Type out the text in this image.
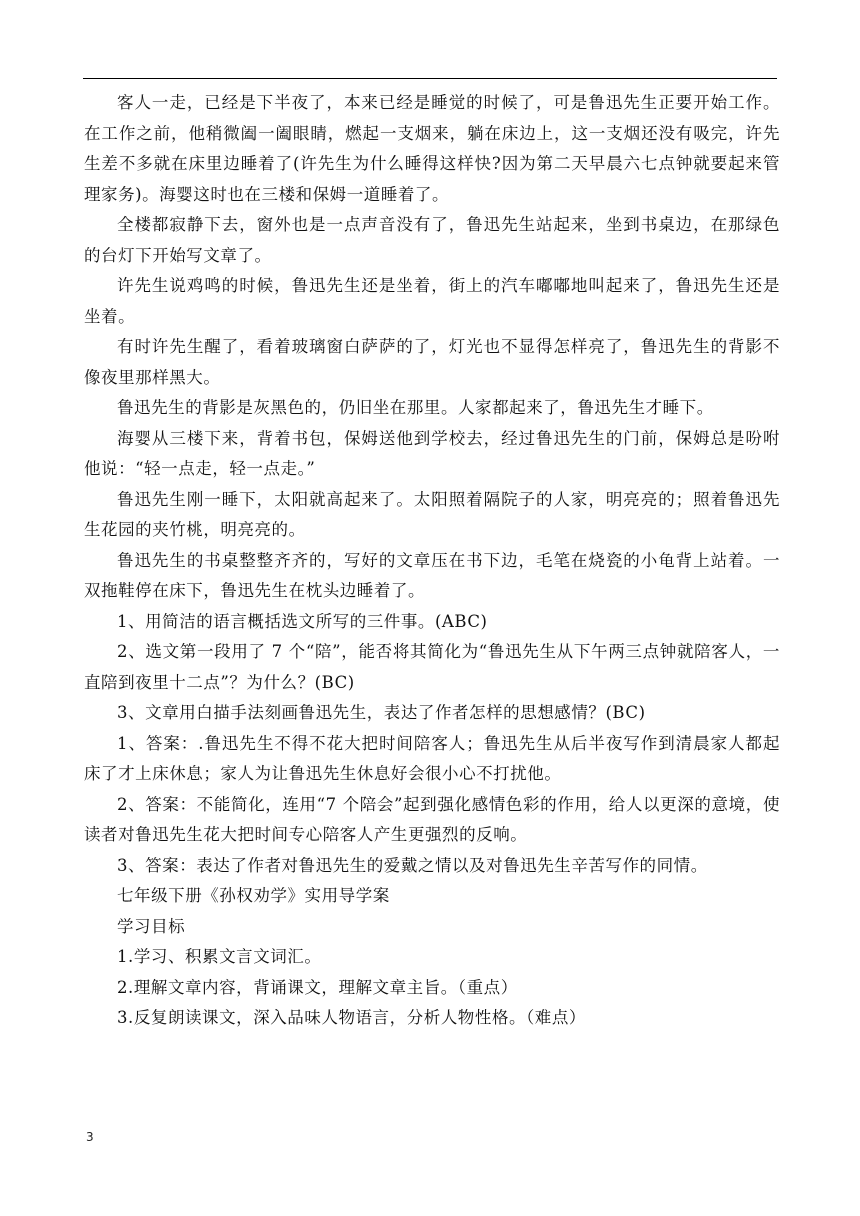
客人一走，已经是下半夜了，本来已经是睡觉的时候了，可是鲁迅先生正要开始工作。在工作之前，他稍微阖一阖眼睛，燃起一支烟来，躺在床边上，这一支烟还没有吸完，许先生差不多就在床里边睡着了(许先生为什么睡得这样快?因为第二天早晨六七点钟就要起来管理家务)。海婴这时也在三楼和保姆一道睡着了。

全楼都寂静下去，窗外也是一点声音没有了，鲁迅先生站起来，坐到书桌边，在那绿色的台灯下开始写文章了。

许先生说鸡鸣的时候，鲁迅先生还是坐着，街上的汽车嘟嘟地叫起来了，鲁迅先生还是坐着。

有时许先生醒了，看着玻璃窗白萨萨的了，灯光也不显得怎样亮了，鲁迅先生的背影不像夜里那样黑大。

鲁迅先生的背影是灰黑色的，仍旧坐在那里。人家都起来了，鲁迅先生才睡下。

海婴从三楼下来，背着书包，保姆送他到学校去，经过鲁迅先生的门前，保姆总是吩咐他说：“轻一点走，轻一点走。”

鲁迅先生刚一睡下，太阳就高起来了。太阳照着隔院子的人家，明亮亮的；照着鲁迅先生花园的夹竹桃，明亮亮的。

鲁迅先生的书桌整整齐齐的，写好的文章压在书下边，毛笔在烧瓷的小龟背上站着。一双拖鞋停在床下，鲁迅先生在枕头边睡着了。

1、用简洁的语言概括选文所写的三件事。(ABC)

2、选文第一段用了 7 个“陪”，能否将其简化为“鲁迅先生从下午两三点钟就陪客人，一直陪到夜里十二点”？为什么？(BC)

3、文章用白描手法刻画鲁迅先生，表达了作者怎样的思想感情？(BC)

1、答案：.鲁迅先生不得不花大把时间陪客人；鲁迅先生从后半夜写作到清晨家人都起床了才上床休息；家人为让鲁迅先生休息好会很小心不打扰他。

2、答案：不能简化，连用“7 个陪会”起到强化感情色彩的作用，给人以更深的意境，使读者对鲁迅先生花大把时间专心陪客人产生更强烈的反响。

3、答案：表达了作者对鲁迅先生的爱戴之情以及对鲁迅先生辛苦写作的同情。

七年级下册《孙权劝学》实用导学案

学习目标

1.学习、积累文言文词汇。

2.理解文章内容，背诵课文，理解文章主旨。（重点）

3.反复朗读课文，深入品味人物语言，分析人物性格。（难点）

3
